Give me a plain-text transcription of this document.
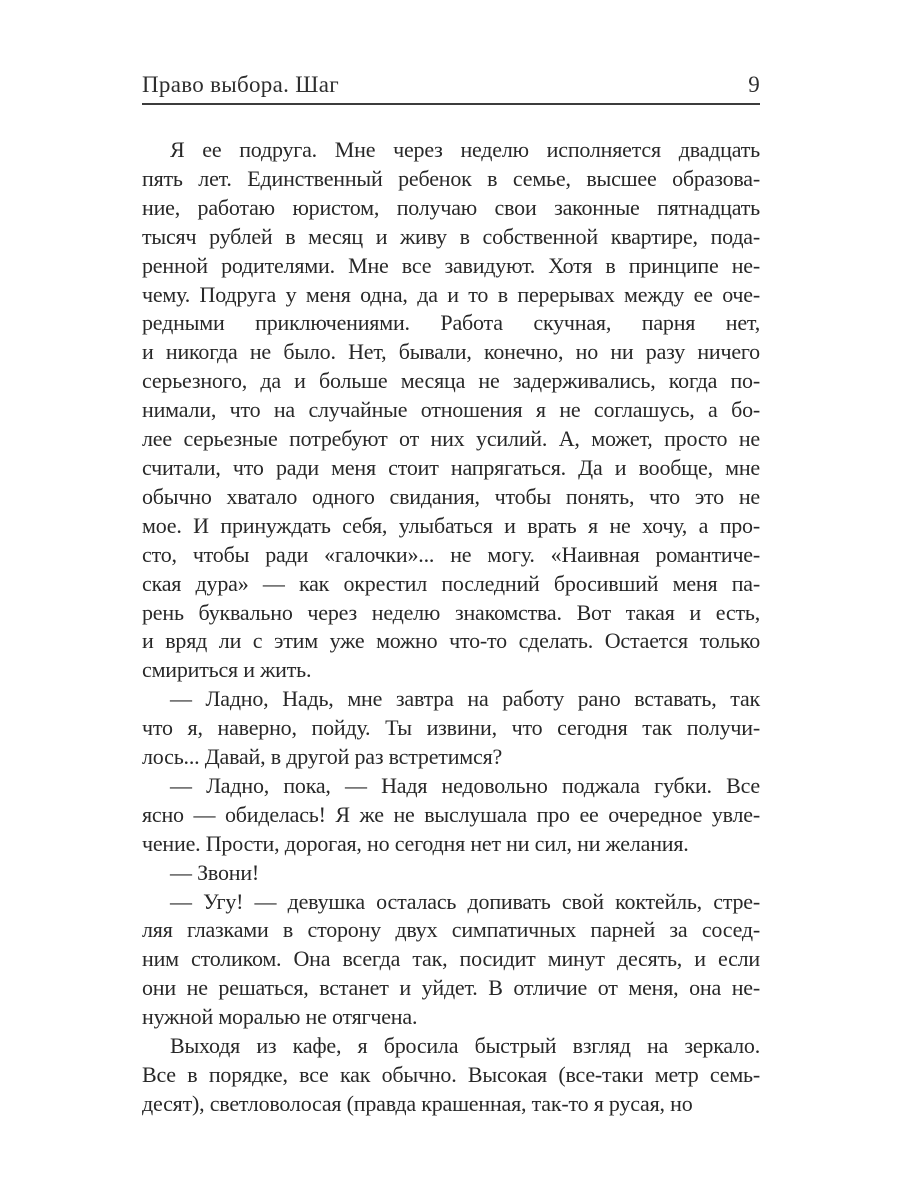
Право выбора. Шаг	9
Я ее подруга. Мне через неделю исполняется двадцать
пять лет. Единственный ребенок в семье, высшее образова-
ние, работаю юристом, получаю свои законные пятнадцать
тысяч рублей в месяц и живу в собственной квартире, пода-
ренной родителями. Мне все завидуют. Хотя в принципе не-
чему. Подруга у меня одна, да и то в перерывах между ее оче-
редными приключениями. Работа скучная, парня нет,
и никогда не было. Нет, бывали, конечно, но ни разу ничего
серьезного, да и больше месяца не задерживались, когда по-
нимали, что на случайные отношения я не соглашусь, а бо-
лее серьезные потребуют от них усилий. А, может, просто не
считали, что ради меня стоит напрягаться. Да и вообще, мне
обычно хватало одного свидания, чтобы понять, что это не
мое. И принуждать себя, улыбаться и врать я не хочу, а про-
сто, чтобы ради «галочки»... не могу. «Наивная романтиче-
ская дура» — как окрестил последний бросивший меня па-
рень буквально через неделю знакомства. Вот такая и есть,
и вряд ли с этим уже можно что-то сделать. Остается только
смириться и жить.
— Ладно, Надь, мне завтра на работу рано вставать, так
что я, наверно, пойду. Ты извини, что сегодня так получи-
лось... Давай, в другой раз встретимся?
— Ладно, пока, — Надя недовольно поджала губки. Все
ясно — обиделась! Я же не выслушала про ее очередное увле-
чение. Прости, дорогая, но сегодня нет ни сил, ни желания.
— Звони!
— Угу! — девушка осталась допивать свой коктейль, стре-
ляя глазками в сторону двух симпатичных парней за сосед-
ним столиком. Она всегда так, посидит минут десять, и если
они не решаться, встанет и уйдет. В отличие от меня, она не-
нужной моралью не отягчена.
Выходя из кафе, я бросила быстрый взгляд на зеркало.
Все в порядке, все как обычно. Высокая (все-таки метр семь-
десят), светловолосая (правда крашенная, так-то я русая, но
